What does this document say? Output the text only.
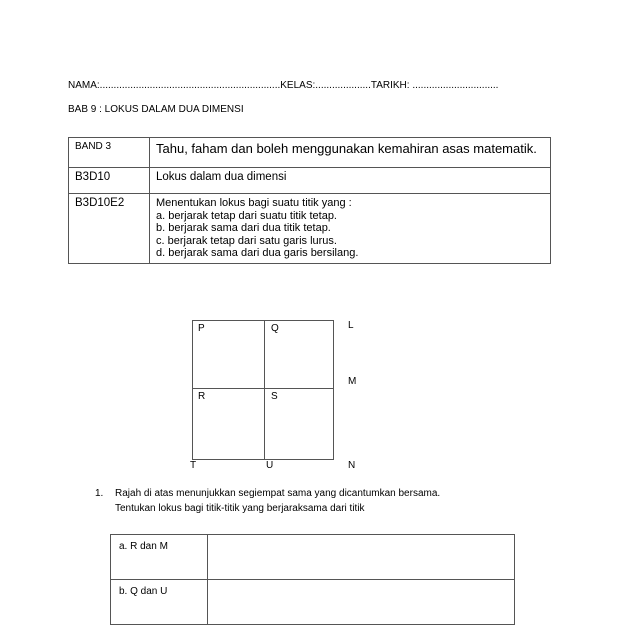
NAMA:.................................................................KELAS:....................TARIKH: ...............................
BAB 9 : LOKUS DALAM DUA DIMENSI
BAND 3	Tahu, faham dan boleh menggunakan kemahiran asas matematik.
B3D10	Lokus dalam dua dimensi
B3D10E2	Menentukan lokus bagi suatu titik yang :
a. berjarak tetap dari suatu titik tetap.
b. berjarak sama dari dua titik tetap.
c. berjarak tetap dari satu garis lurus.
d. berjarak sama dari dua garis bersilang.
P	Q
R	S
T	U
L
M
N
1. Rajah di atas menunjukkan segiempat sama yang dicantumkan bersama.
Tentukan lokus bagi titik-titik yang berjaraksama dari titik
a. R dan M	
b. Q dan U	
